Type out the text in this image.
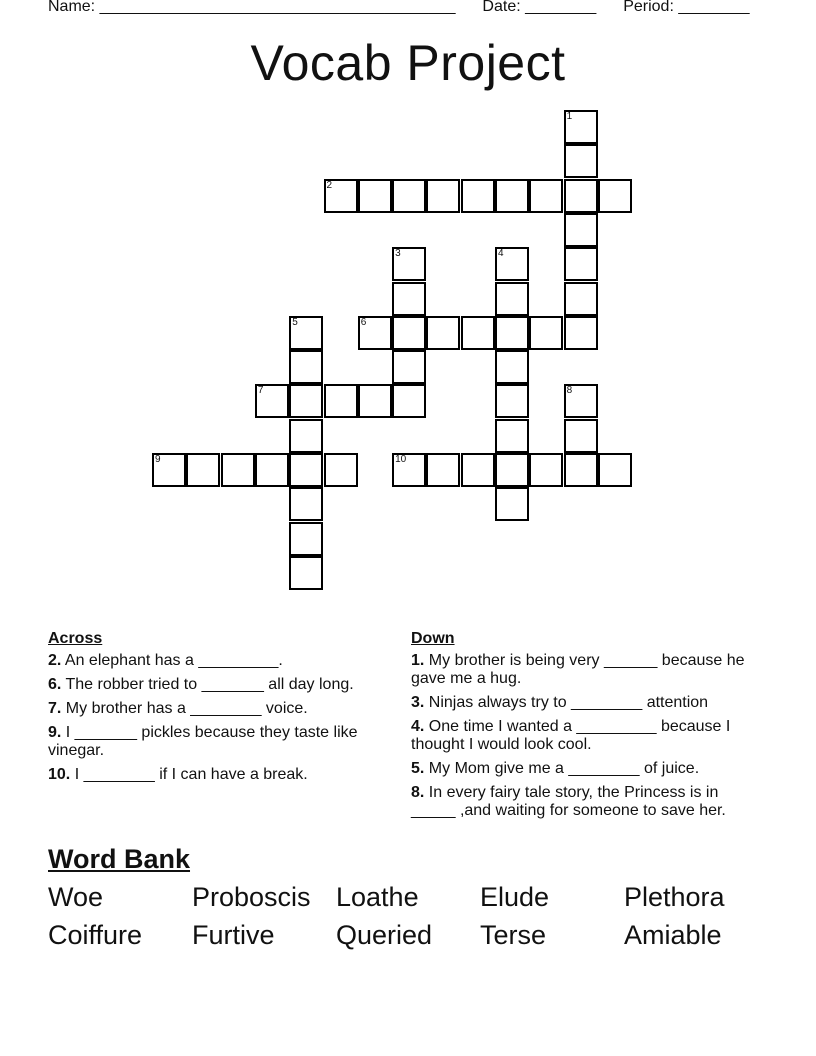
Name: ________________________________________ Date: ________ Period: ________
Vocab Project
1
2
3	4
5	6
7	8
9	10
Across
2. An elephant has a _________.
6. The robber tried to _______ all day long.
7. My brother has a ________ voice.
9. I _______ pickles because they taste like vinegar.
10. I ________ if I can have a break.
Down
1. My brother is being very ______ because he gave me a hug.
3. Ninjas always try to ________ attention
4. One time I wanted a _________ because I thought I would look cool.
5. My Mom give me a ________ of juice.
8. In every fairy tale story, the Princess is in _____ ,and waiting for someone to save her.
Word Bank
Woe	Proboscis Loathe Elude	Plethora
Coiffure Furtive Queried Terse	Amiable
